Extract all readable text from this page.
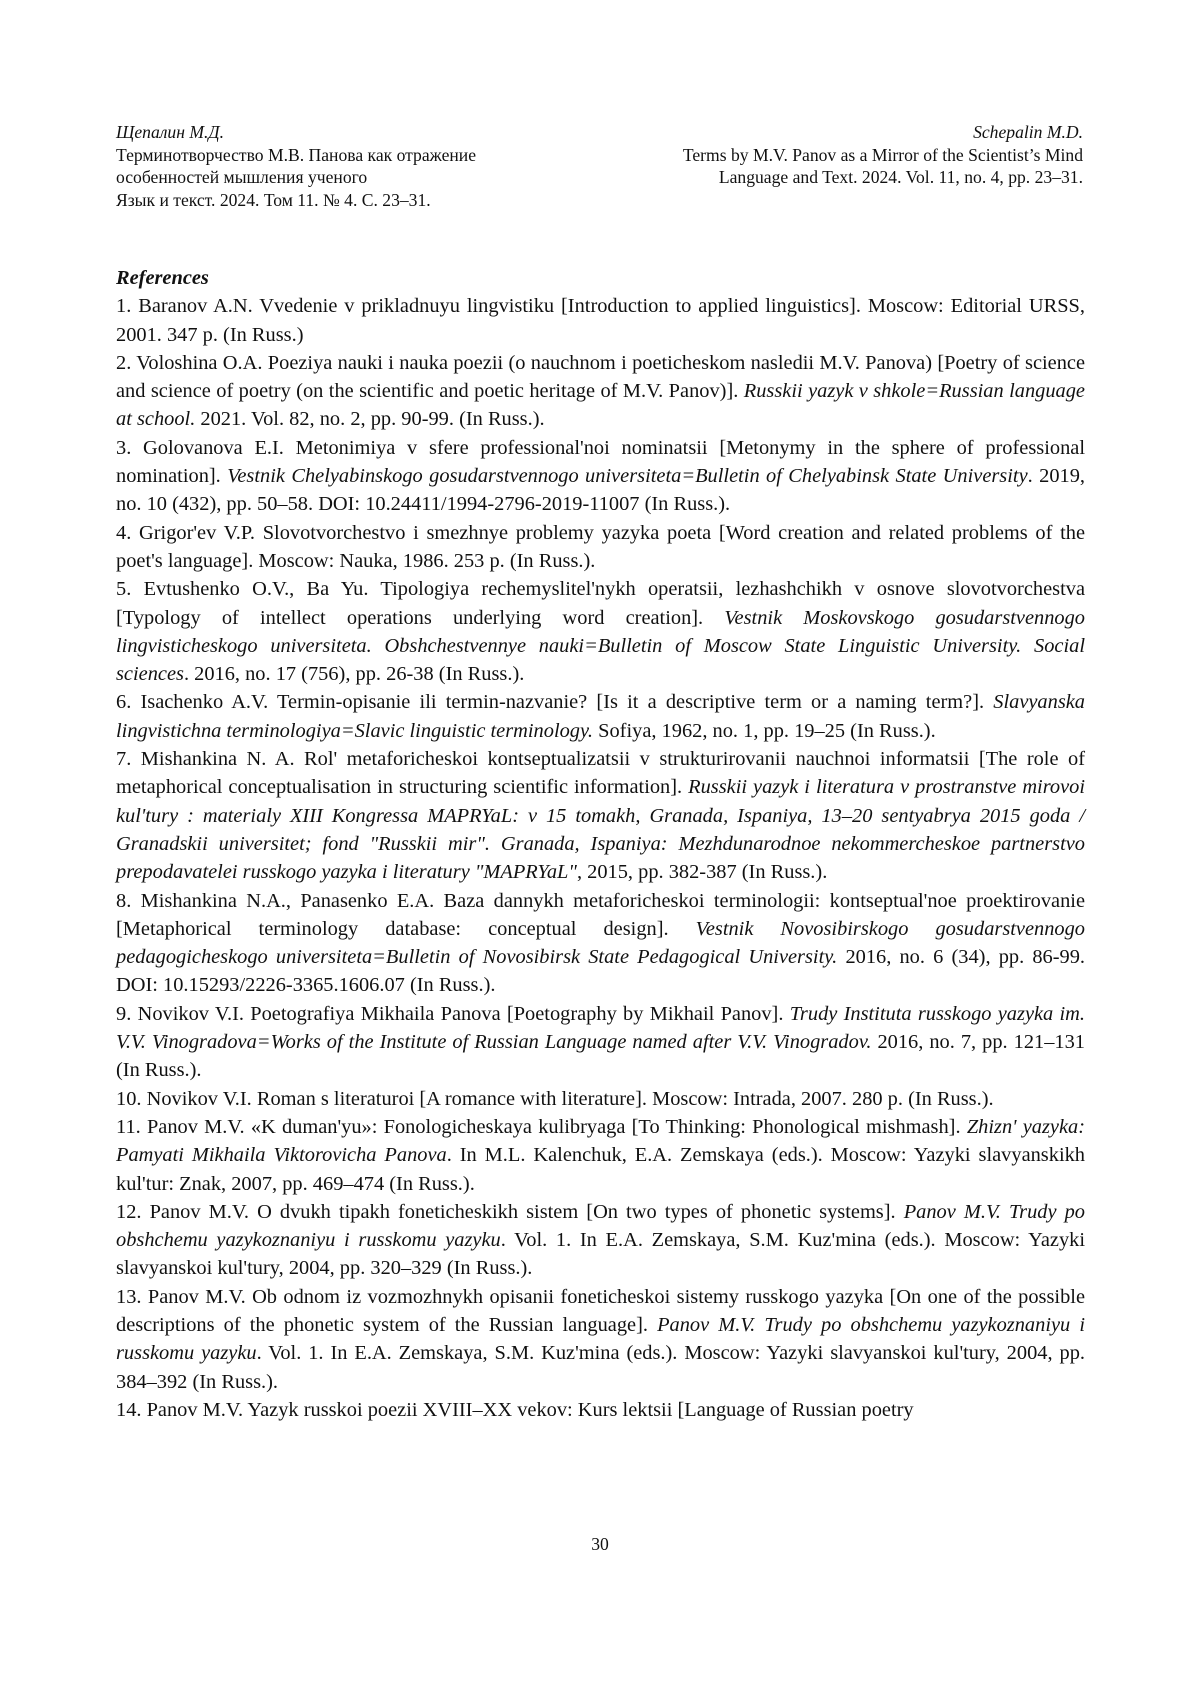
Щепалин М.Д.
Терминотворчество М.В. Панова как отражение
особенностей мышления ученого
Язык и текст. 2024. Том 11. № 4. С. 23–31.
Schepalin M.D.
Terms by M.V. Panov as a Mirror of the Scientist’s Mind
Language and Text. 2024. Vol. 11, no. 4, pp. 23–31.
References

1. Baranov A.N. Vvedenie v prikladnuyu lingvistiku [Introduction to applied linguistics]. Moscow: Editorial URSS, 2001. 347 p. (In Russ.)

2. Voloshina O.A. Poeziya nauki i nauka poezii (o nauchnom i poeticheskom nasledii M.V. Panova) [Poetry of science and science of poetry (on the scientific and poetic heritage of M.V. Panov)]. Russkii yazyk v shkole=Russian language at school. 2021. Vol. 82, no. 2, pp. 90-99. (In Russ.).

3. Golovanova E.I. Metonimiya v sfere professional'noi nominatsii [Metonymy in the sphere of professional nomination]. Vestnik Chelyabinskogo gosudarstvennogo universiteta=Bulletin of Chelyabinsk State University. 2019, no. 10 (432), pp. 50–58. DOI: 10.24411/1994-2796-2019-11007 (In Russ.).

4. Grigor'ev V.P. Slovotvorchestvo i smezhnye problemy yazyka poeta [Word creation and related problems of the poet's language]. Moscow: Nauka, 1986. 253 p. (In Russ.).

5. Evtushenko O.V., Ba Yu. Tipologiya rechemyslitel'nykh operatsii, lezhashchikh v osnove slovotvorchestva [Typology of intellect operations underlying word creation]. Vestnik Moskovskogo gosudarstvennogo lingvisticheskogo universiteta. Obshchestvennye nauki=Bulletin of Moscow State Linguistic University. Social sciences. 2016, no. 17 (756), pp. 26-38 (In Russ.).

6. Isachenko A.V. Termin-opisanie ili termin-nazvanie? [Is it a descriptive term or a naming term?]. Slavyanska lingvistichna terminologiya=Slavic linguistic terminology. Sofiya, 1962, no. 1, pp. 19–25 (In Russ.).

7. Mishankina N. A. Rol' metaforicheskoi kontseptualizatsii v strukturirovanii nauchnoi informatsii [The role of metaphorical conceptualisation in structuring scientific information]. Russkii yazyk i literatura v prostranstve mirovoi kul'tury : materialy XIII Kongressa MAPRYaL: v 15 tomakh, Granada, Ispaniya, 13–20 sentyabrya 2015 goda / Granadskii universitet; fond "Russkii mir". Granada, Ispaniya: Mezhdunarodnoe nekommercheskoe partnerstvo prepodavatelei russkogo yazyka i literatury "MAPRYaL", 2015, pp. 382-387 (In Russ.).

8. Mishankina N.A., Panasenko E.A. Baza dannykh metaforicheskoi terminologii: kontseptual'noe proektirovanie [Metaphorical terminology database: conceptual design]. Vestnik Novosibirskogo gosudarstvennogo pedagogicheskogo universiteta=Bulletin of Novosibirsk State Pedagogical University. 2016, no. 6 (34), pp. 86-99. DOI: 10.15293/2226-3365.1606.07 (In Russ.).

9. Novikov V.I. Poetografiya Mikhaila Panova [Poetography by Mikhail Panov]. Trudy Instituta russkogo yazyka im. V.V. Vinogradova=Works of the Institute of Russian Language named after V.V. Vinogradov. 2016, no. 7, pp. 121–131 (In Russ.).

10. Novikov V.I. Roman s literaturoi [A romance with literature]. Moscow: Intrada, 2007. 280 p. (In Russ.).

11. Panov M.V. «K duman'yu»: Fonologicheskaya kulibryaga [To Thinking: Phonological mishmash]. Zhizn' yazyka: Pamyati Mikhaila Viktorovicha Panova. In M.L. Kalenchuk, E.A. Zemskaya (eds.). Moscow: Yazyki slavyanskikh kul'tur: Znak, 2007, pp. 469–474 (In Russ.).

12. Panov M.V. O dvukh tipakh foneticheskikh sistem [On two types of phonetic systems]. Panov M.V. Trudy po obshchemu yazykoznaniyu i russkomu yazyku. Vol. 1. In E.A. Zemskaya, S.M. Kuz'mina (eds.). Moscow: Yazyki slavyanskoi kul'tury, 2004, pp. 320–329 (In Russ.).

13. Panov M.V. Ob odnom iz vozmozhnykh opisanii foneticheskoi sistemy russkogo yazyka [On one of the possible descriptions of the phonetic system of the Russian language]. Panov M.V. Trudy po obshchemu yazykoznaniyu i russkomu yazyku. Vol. 1. In E.A. Zemskaya, S.M. Kuz'mina (eds.). Moscow: Yazyki slavyanskoi kul'tury, 2004, pp. 384–392 (In Russ.).

14. Panov M.V. Yazyk russkoi poezii XVIII–XX vekov: Kurs lektsii [Language of Russian poetry

30
